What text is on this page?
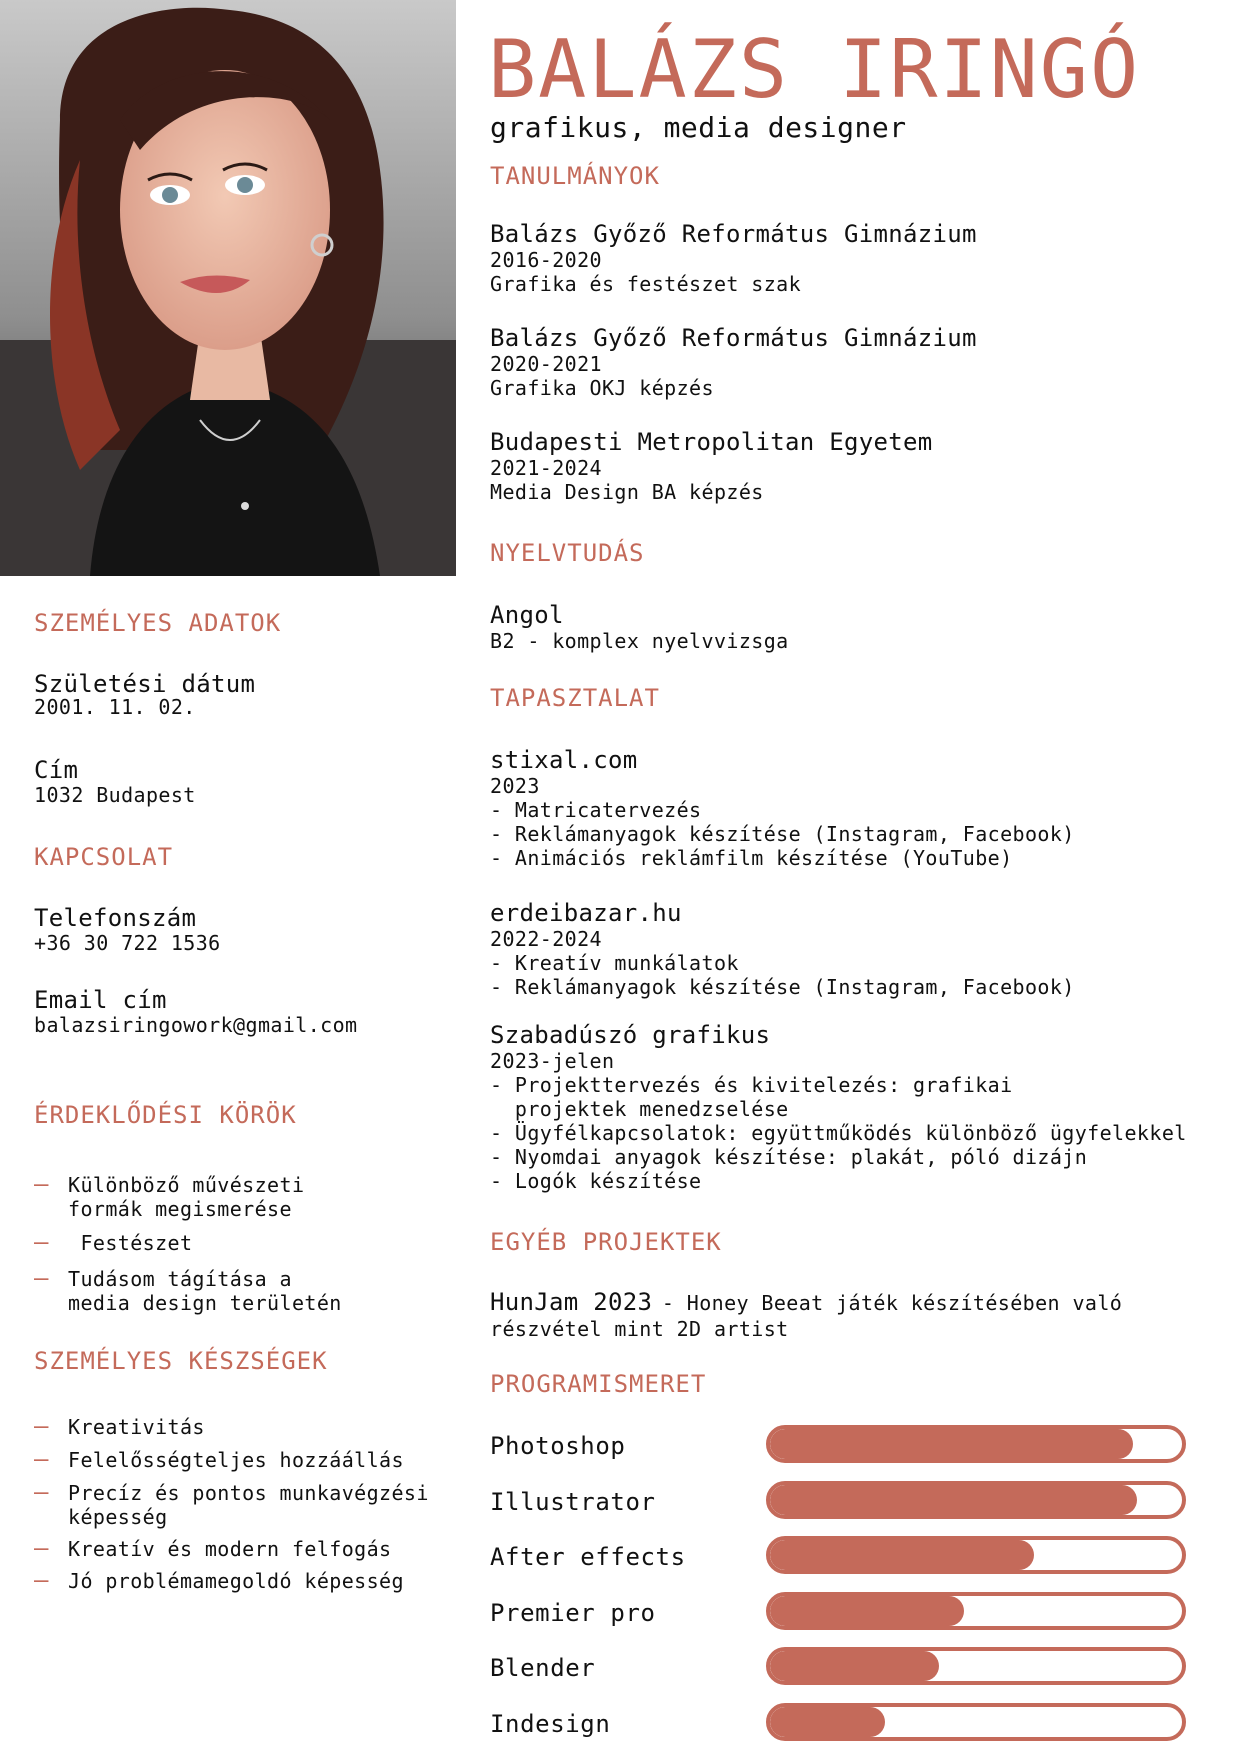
BALÁZS IRINGÓ
grafikus, media designer
SZEMÉLYES ADATOK
Születési dátum
2001. 11. 02.
Cím
1032 Budapest
KAPCSOLAT
Telefonszám
+36 30 722 1536
Email cím
balazsiringowork@gmail.com
ÉRDEKLŐDÉSI KÖRÖK
– Különböző művészeti
formák megismerése
– Festészet
– Tudásom tágítása a
media design területén
SZEMÉLYES KÉSZSÉGEK
– Kreativitás
– Felelősségteljes hozzáállás
– Precíz és pontos munkavégzési
képesség
– Kreatív és modern felfogás
– Jó problémamegoldó képesség
TANULMÁNYOK
Balázs Győző Református Gimnázium
2016-2020
Grafika és festészet szak
Balázs Győző Református Gimnázium
2020-2021
Grafika OKJ képzés
Budapesti Metropolitan Egyetem
2021-2024
Media Design BA képzés
NYELVTUDÁS
Angol
B2 - komplex nyelvvizsga
TAPASZTALAT
stixal.com
2023
- Matricatervezés
- Reklámanyagok készítése (Instagram, Facebook)
- Animációs reklámfilm készítése (YouTube)
erdeibazar.hu
2022-2024
- Kreatív munkálatok
- Reklámanyagok készítése (Instagram, Facebook)
Szabadúszó grafikus
2023-jelen
- Projekttervezés és kivitelezés: grafikai
projektek menedzselése
- Ügyfélkapcsolatok: együttműködés különböző ügyfelekkel
- Nyomdai anyagok készítése: plakát, póló dizájn
- Logók készítése
EGYÉB PROJEKTEK
HunJam 2023 - Honey Beeat játék készítésében való
részvétel mint 2D artist
PROGRAMISMERET
Photoshop
Illustrator
After effects
Premier pro
Blender
Indesign
